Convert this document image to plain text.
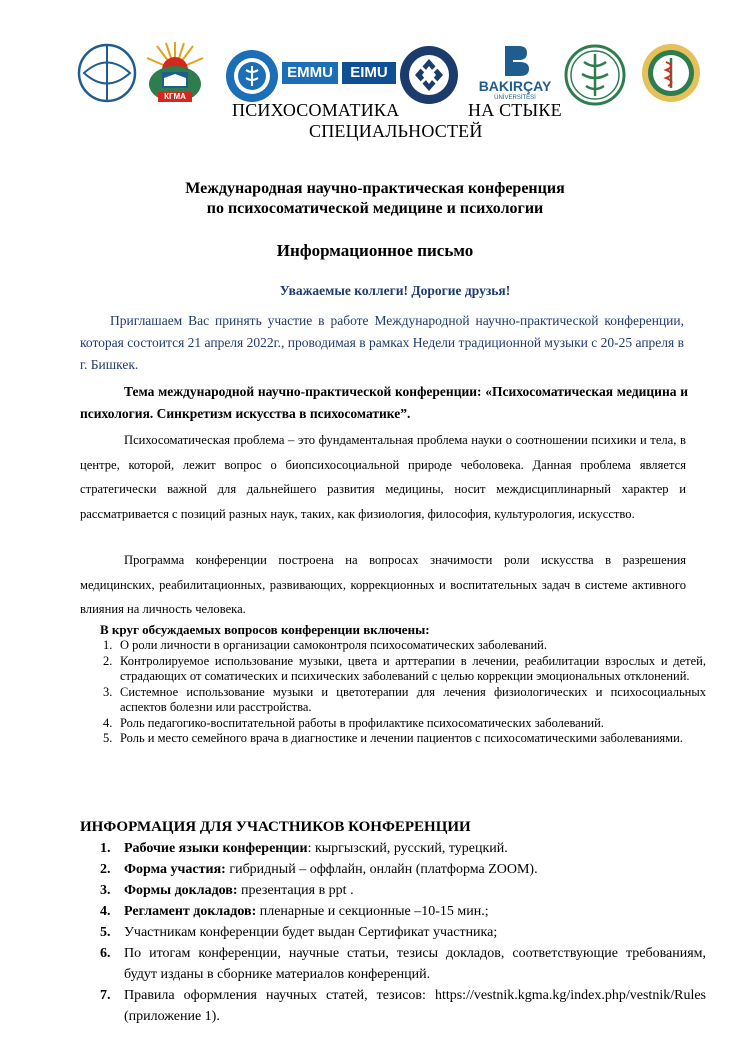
КГМА
EMMU	EIMU
BAKIRÇAY
ÜNİVERSİTESİ
ПСИХОСОМАТИКА	НА СТЫКЕ
СПЕЦИАЛЬНОСТЕЙ
Международная научно-практическая конференция
по психосоматической медицине и психологии
Информационное письмо
Уважаемые коллеги! Дорогие друзья!
Приглашаем Вас принять участие в работе Международной научно-практической конференции, которая состоится 21 апреля 2022г., проводимая в рамках Недели традиционной музыки с 20-25 апреля в г. Бишкек.
Тема международной научно-практической конференции: «Психосоматическая медицина и психология. Синкретизм искусства в психосоматике”.
Психосоматическая проблема – это фундаментальная проблема науки о соотношении психики и тела, в центре, которой, лежит вопрос о биопсихосоциальной природе чеболовека. Данная проблема является стратегически важной для дальнейшего развития медицины, носит междисциплинарный характер и рассматривается с позиций разных наук, таких, как физиология, философия, культурология, искусство.
Программа конференции построена на вопросах значимости роли искусства в разрешения медицинских, реабилитационных, развивающих, коррекционных и воспитательных задач в системе активного влияния на личность человека.
В круг обсуждаемых вопросов конференции включены:
1. О роли личности в организации самоконтроля психосоматических заболеваний.
2. Контролируемое использование музыки, цвета и арттерапии в лечении, реабилитации взрослых и детей, страдающих от соматических и психических заболеваний с целью коррекции эмоциональных отклонений.
3. Системное использование музыки и цветотерапии для лечения физиологических и психосоциальных аспектов болезни или расстройства.
4. Роль педагогико-воспитательной работы в профилактике психосоматических заболеваний.
5. Роль и место семейного врача в диагностике и лечении пациентов с психосоматическими заболеваниями.
ИНФОРМАЦИЯ ДЛЯ УЧАСТНИКОВ КОНФЕРЕНЦИИ
1. Рабочие языки конференции: кыргызский, русский, турецкий.
2. Форма участия: гибридный – оффлайн, онлайн (платформа ZOOM).
3. Формы докладов: презентация в ppt .
4. Регламент докладов: пленарные и секционные –10-15 мин.;
5. Участникам конференции будет выдан Сертификат участника;
6. По итогам конференции, научные статьи, тезисы докладов, соответствующие требованиям, будут изданы в сборнике материалов конференций.
7. Правила оформления научных статей, тезисов: https://vestnik.kgma.kg/index.php/vestnik/Rules (приложение 1).
